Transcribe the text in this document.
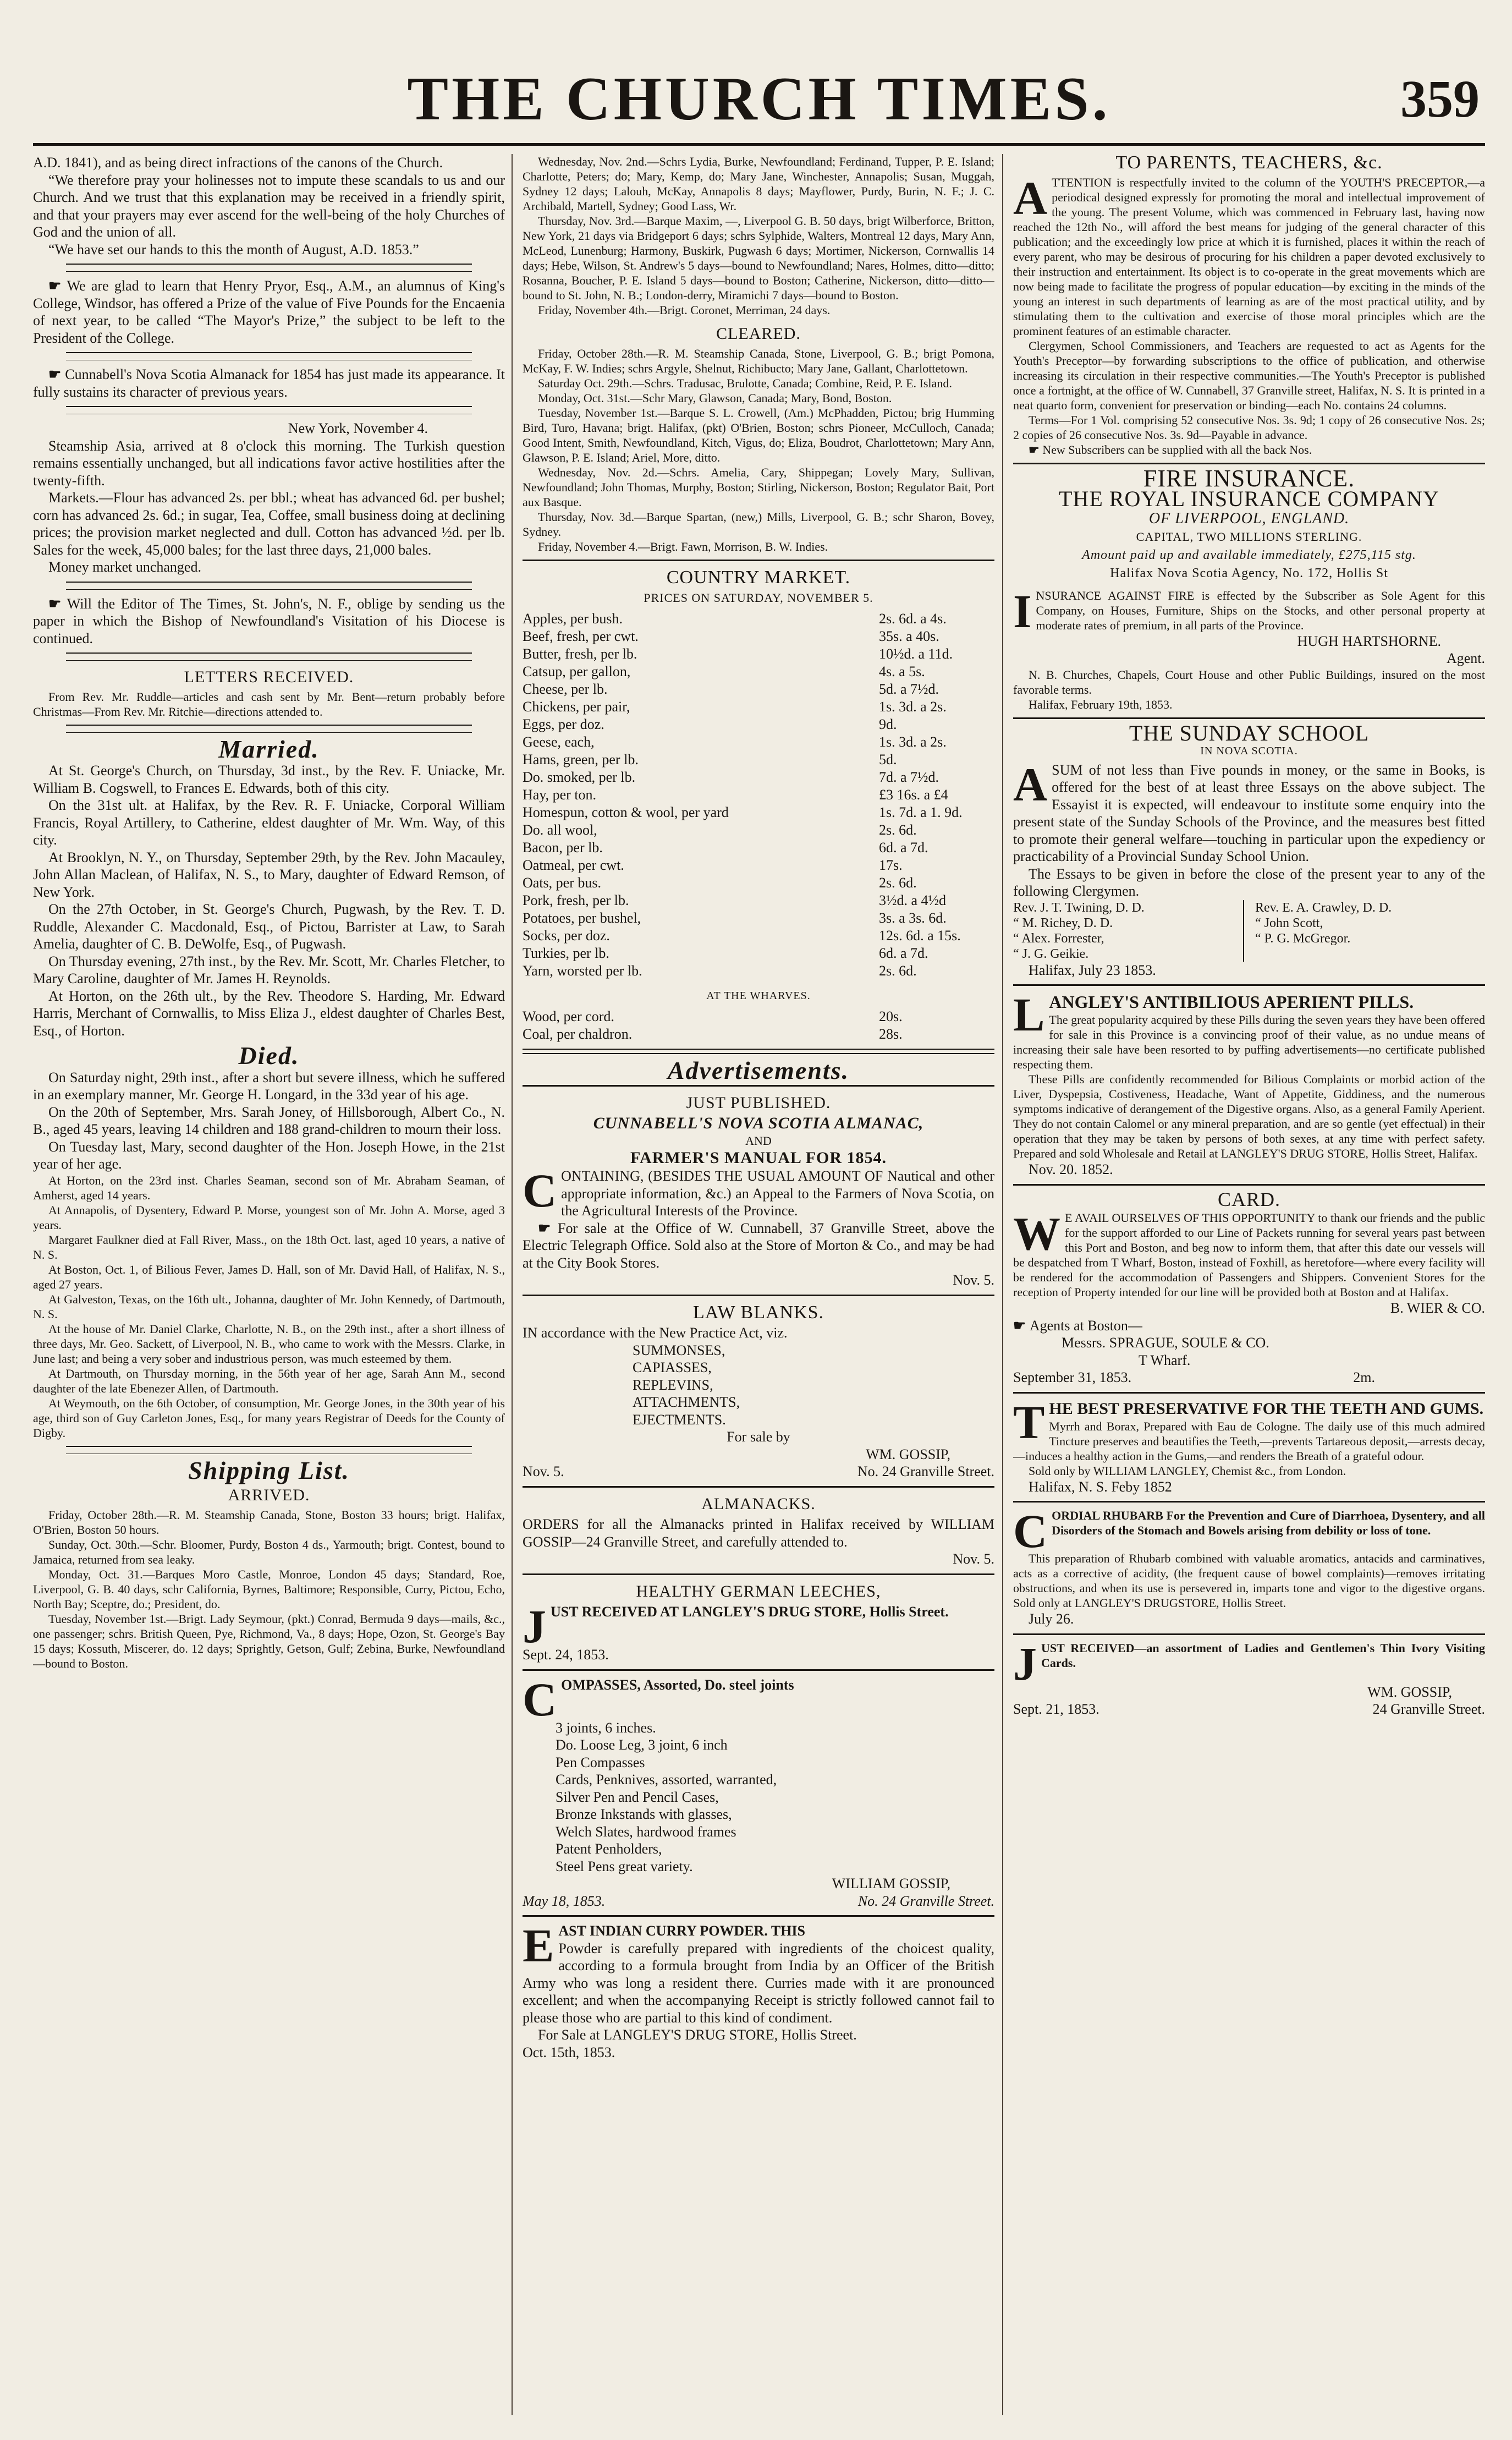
THE CHURCH TIMES.	359

A.D. 1841), and as being direct infractions of the canons of the Church.

“We therefore pray your holinesses not to impute these scandals to us and our Church. And we trust that this explanation may be received in a friendly spirit, and that your prayers may ever ascend for the well-being of the holy Churches of God and the union of all.

“We have set our hands to this the month of August, A.D. 1853.”

☛ We are glad to learn that Henry Pryor, Esq., A.M., an alumnus of King's College, Windsor, has offered a Prize of the value of Five Pounds for the Encaenia of next year, to be called “The Mayor's Prize,” the subject to be left to the President of the College.

☛ Cunnabell's Nova Scotia Almanack for 1854 has just made its appearance. It fully sustains its character of previous years.

New York, November 4.

Steamship Asia, arrived at 8 o'clock this morning. The Turkish question remains essentially unchanged, but all indications favor active hostilities after the twenty-fifth.

Markets.—Flour has advanced 2s. per bbl.; wheat has advanced 6d. per bushel; corn has advanced 2s. 6d.; in sugar, Tea, Coffee, small business doing at declining prices; the provision market neglected and dull. Cotton has advanced ½d. per lb. Sales for the week, 45,000 bales; for the last three days, 21,000 bales.

Money market unchanged.

☛ Will the Editor of The Times, St. John's, N. F., oblige by sending us the paper in which the Bishop of Newfoundland's Visitation of his Diocese is continued.

LETTERS RECEIVED.

From Rev. Mr. Ruddle—articles and cash sent by Mr. Bent—return probably before Christmas—From Rev. Mr. Ritchie—directions attended to.

Married.

At St. George's Church, on Thursday, 3d inst., by the Rev. F. Uniacke, Mr. William B. Cogswell, to Frances E. Edwards, both of this city.

On the 31st ult. at Halifax, by the Rev. R. F. Uniacke, Corporal William Francis, Royal Artillery, to Catherine, eldest daughter of Mr. Wm. Way, of this city.

At Brooklyn, N. Y., on Thursday, September 29th, by the Rev. John Macauley, John Allan Maclean, of Halifax, N. S., to Mary, daughter of Edward Remson, of New York.

On the 27th October, in St. George's Church, Pugwash, by the Rev. T. D. Ruddle, Alexander C. Macdonald, Esq., of Pictou, Barrister at Law, to Sarah Amelia, daughter of C. B. DeWolfe, Esq., of Pugwash.

On Thursday evening, 27th inst., by the Rev. Mr. Scott, Mr. Charles Fletcher, to Mary Caroline, daughter of Mr. James H. Reynolds.

At Horton, on the 26th ult., by the Rev. Theodore S. Harding, Mr. Edward Harris, Merchant of Cornwallis, to Miss Eliza J., eldest daughter of Charles Best, Esq., of Horton.

Died.

On Saturday night, 29th inst., after a short but severe illness, which he suffered in an exemplary manner, Mr. George H. Longard, in the 33d year of his age.

On the 20th of September, Mrs. Sarah Joney, of Hillsborough, Albert Co., N. B., aged 45 years, leaving 14 children and 188 grand-children to mourn their loss.

On Tuesday last, Mary, second daughter of the Hon. Joseph Howe, in the 21st year of her age.

At Horton, on the 23rd inst. Charles Seaman, second son of Mr. Abraham Seaman, of Amherst, aged 14 years.

At Annapolis, of Dysentery, Edward P. Morse, youngest son of Mr. John A. Morse, aged 3 years.

Margaret Faulkner died at Fall River, Mass., on the 18th Oct. last, aged 10 years, a native of N. S.

At Boston, Oct. 1, of Bilious Fever, James D. Hall, son of Mr. David Hall, of Halifax, N. S., aged 27 years.

At Galveston, Texas, on the 16th ult., Johanna, daughter of Mr. John Kennedy, of Dartmouth, N. S.

At the house of Mr. Daniel Clarke, Charlotte, N. B., on the 29th inst., after a short illness of three days, Mr. Geo. Sackett, of Liverpool, N. B., who came to work with the Messrs. Clarke, in June last; and being a very sober and industrious person, was much esteemed by them.

At Dartmouth, on Thursday morning, in the 56th year of her age, Sarah Ann M., second daughter of the late Ebenezer Allen, of Dartmouth.

At Weymouth, on the 6th October, of consumption, Mr. George Jones, in the 30th year of his age, third son of Guy Carleton Jones, Esq., for many years Registrar of Deeds for the County of Digby.

Shipping List.
ARRIVED.

Friday, October 28th.—R. M. Steamship Canada, Stone, Boston 33 hours; brigt. Halifax, O'Brien, Boston 50 hours.

Sunday, Oct. 30th.—Schr. Bloomer, Purdy, Boston 4 ds., Yarmouth; brigt. Contest, bound to Jamaica, returned from sea leaky.

Monday, Oct. 31.—Barques Moro Castle, Monroe, London 45 days; Standard, Roe, Liverpool, G. B. 40 days, schr California, Byrnes, Baltimore; Responsible, Curry, Pictou, Echo, North Bay; Sceptre, do.; President, do.

Tuesday, November 1st.—Brigt. Lady Seymour, (pkt.) Conrad, Bermuda 9 days—mails, &c., one passenger; schrs. British Queen, Pye, Richmond, Va., 8 days; Hope, Ozon, St. George's Bay 15 days; Kossuth, Miscerer, do. 12 days; Sprightly, Getson, Gulf; Zebina, Burke, Newfoundland—bound to Boston.

Wednesday, Nov. 2nd.—Schrs Lydia, Burke, Newfoundland; Ferdinand, Tupper, P. E. Island; Charlotte, Peters; do; Mary, Kemp, do; Mary Jane, Winchester, Annapolis; Susan, Muggah, Sydney 12 days; Lalouh, McKay, Annapolis 8 days; Mayflower, Purdy, Burin, N. F.; J. C. Archibald, Martell, Sydney; Good Lass, Wr.

Thursday, Nov. 3rd.—Barque Maxim, —, Liverpool G. B. 50 days, brigt Wilberforce, Britton, New York, 21 days via Bridgeport 6 days; schrs Sylphide, Walters, Montreal 12 days, Mary Ann, McLeod, Lunenburg; Harmony, Buskirk, Pugwash 6 days; Mortimer, Nickerson, Cornwallis 14 days; Hebe, Wilson, St. Andrew's 5 days—bound to Newfoundland; Nares, Holmes, ditto—ditto; Rosanna, Boucher, P. E. Island 5 days—bound to Boston; Catherine, Nickerson, ditto—ditto—bound to St. John, N. B.; London-derry, Miramichi 7 days—bound to Boston.

Friday, November 4th.—Brigt. Coronet, Merriman, 24 days.

CLEARED.

Friday, October 28th.—R. M. Steamship Canada, Stone, Liverpool, G. B.; brigt Pomona, McKay, F. W. Indies; schrs Argyle, Shelnut, Richibucto; Mary Jane, Gallant, Charlottetown.

Saturday Oct. 29th.—Schrs. Tradusac, Brulotte, Canada; Combine, Reid, P. E. Island.

Monday, Oct. 31st.—Schr Mary, Glawson, Canada; Mary, Bond, Boston.

Tuesday, November 1st.—Barque S. L. Crowell, (Am.) McPhadden, Pictou; brig Humming Bird, Turo, Havana; brigt. Halifax, (pkt) O'Brien, Boston; schrs Pioneer, McCulloch, Canada; Good Intent, Smith, Newfoundland, Kitch, Vigus, do; Eliza, Boudrot, Charlottetown; Mary Ann, Glawson, P. E. Island; Ariel, More, ditto.

Wednesday, Nov. 2d.—Schrs. Amelia, Cary, Shippegan; Lovely Mary, Sullivan, Newfoundland; John Thomas, Murphy, Boston; Stirling, Nickerson, Boston; Regulator Bait, Port aux Basque.

Thursday, Nov. 3d.—Barque Spartan, (new,) Mills, Liverpool, G. B.; schr Sharon, Bovey, Sydney.

Friday, November 4.—Brigt. Fawn, Morrison, B. W. Indies.

COUNTRY MARKET.
PRICES ON SATURDAY, NOVEMBER 5.
Apples, per bush.	2s. 6d. a 4s.
Beef, fresh, per cwt.	35s. a 40s.
Butter, fresh, per lb.	10½d. a 11d.
Catsup, per gallon,	4s. a 5s.
Cheese, per lb.	5d. a 7½d.
Chickens, per pair,	1s. 3d. a 2s.
Eggs, per doz.	9d.
Geese, each,	1s. 3d. a 2s.
Hams, green, per lb.	5d.
Do. smoked, per lb.	7d. a 7½d.
Hay, per ton.	£3 16s. a £4
Homespun, cotton & wool, per yard	1s. 7d. a 1. 9d.
Do. all wool,	2s. 6d.
Bacon, per lb.	6d. a 7d.
Oatmeal, per cwt.	17s.
Oats, per bus.	2s. 6d.
Pork, fresh, per lb.	3½d. a 4½d
Potatoes, per bushel,	3s. a 3s. 6d.
Socks, per doz.	12s. 6d. a 15s.
Turkies, per lb.	6d. a 7d.
Yarn, worsted per lb.	2s. 6d.
AT THE WHARVES.
Wood, per cord.	20s.
Coal, per chaldron.	28s.
Advertisements.
JUST PUBLISHED.
CUNNABELL'S NOVA SCOTIA ALMANAC,
AND
FARMER'S MANUAL FOR 1854.

CONTAINING, (BESIDES THE USUAL AMOUNT OF Nautical and other appropriate information, &c.) an Appeal to the Farmers of Nova Scotia, on the Agricultural Interests of the Province.

☛ For sale at the Office of W. Cunnabell, 37 Granville Street, above the Electric Telegraph Office. Sold also at the Store of Morton & Co., and may be had at the City Book Stores.

Nov. 5.

LAW BLANKS.

IN accordance with the New Practice Act, viz.

SUMMONSES,
CAPIASSES,
REPLEVINS,
ATTACHMENTS,
EJECTMENTS.

For sale by

WM. GOSSIP,

Nov. 5.	No. 24 Granville Street.
ALMANACKS.

ORDERS for all the Almanacks printed in Halifax received by WILLIAM GOSSIP—24 Granville Street, and carefully attended to.

Nov. 5.

HEALTHY GERMAN LEECHES,

JUST RECEIVED AT LANGLEY'S DRUG STORE, Hollis Street.

Sept. 24, 1853.

COMPASSES, Assorted, Do. steel joints

3 joints, 6 inches.
Do. Loose Leg, 3 joint, 6 inch
Pen Compasses
Cards, Penknives, assorted, warranted,
Silver Pen and Pencil Cases,
Bronze Inkstands with glasses,
Welch Slates, hardwood frames
Patent Penholders,
Steel Pens great variety.

WILLIAM GOSSIP,

May 18, 1853.	No. 24 Granville Street.

EAST INDIAN CURRY POWDER. THIS

Powder is carefully prepared with ingredients of the choicest quality, according to a formula brought from India by an Officer of the British Army who was long a resident there. Curries made with it are pronounced excellent; and when the accompanying Receipt is strictly followed cannot fail to please those who are partial to this kind of condiment.

For Sale at LANGLEY'S DRUG STORE, Hollis Street.

Oct. 15th, 1853.

TO PARENTS, TEACHERS, &c.

ATTENTION is respectfully invited to the column of the YOUTH'S PRECEPTOR,—a periodical designed expressly for promoting the moral and intellectual improvement of the young. The present Volume, which was commenced in February last, having now reached the 12th No., will afford the best means for judging of the general character of this publication; and the exceedingly low price at which it is furnished, places it within the reach of every parent, who may be desirous of procuring for his children a paper devoted exclusively to their instruction and entertainment. Its object is to co-operate in the great movements which are now being made to facilitate the progress of popular education—by exciting in the minds of the young an interest in such departments of learning as are of the most practical utility, and by stimulating them to the cultivation and exercise of those moral principles which are the prominent features of an estimable character.

Clergymen, School Commissioners, and Teachers are requested to act as Agents for the Youth's Preceptor—by forwarding subscriptions to the office of publication, and otherwise increasing its circulation in their respective communities.—The Youth's Preceptor is published once a fortnight, at the office of W. Cunnabell, 37 Granville street, Halifax, N. S. It is printed in a neat quarto form, convenient for preservation or binding—each No. contains 24 columns.

Terms—For 1 Vol. comprising 52 consecutive Nos. 3s. 9d; 1 copy of 26 consecutive Nos. 2s; 2 copies of 26 consecutive Nos. 3s. 9d—Payable in advance.

☛ New Subscribers can be supplied with all the back Nos.

FIRE INSURANCE.
THE ROYAL INSURANCE COMPANY
OF LIVERPOOL, ENGLAND.
CAPITAL, TWO MILLIONS STERLING.
Amount paid up and available immediately, £275,115 stg.
Halifax Nova Scotia Agency, No. 172, Hollis St

INSURANCE AGAINST FIRE is effected by the Subscriber as Sole Agent for this Company, on Houses, Furniture, Ships on the Stocks, and other personal property at moderate rates of premium, in all parts of the Province.

HUGH HARTSHORNE.

Agent.

N. B. Churches, Chapels, Court House and other Public Buildings, insured on the most favorable terms.

Halifax, February 19th, 1853.

THE SUNDAY SCHOOL
IN NOVA SCOTIA.

ASUM of not less than Five pounds in money, or the same in Books, is offered for the best of at least three Essays on the above subject. The Essayist it is expected, will endeavour to institute some enquiry into the present state of the Sunday Schools of the Province, and the measures best fitted to promote their general welfare—touching in particular upon the expediency or practicability of a Provincial Sunday School Union.

The Essays to be given in before the close of the present year to any of the following Clergymen.

Rev. J. T. Twining, D. D.
“ M. Richey, D. D.
“ Alex. Forrester,
“ J. G. Geikie.
Rev. E. A. Crawley, D. D.
“ John Scott,
“ P. G. McGregor.

Halifax, July 23 1853.

LANGLEY'S ANTIBILIOUS APERIENT PILLS.

The great popularity acquired by these Pills during the seven years they have been offered for sale in this Province is a convincing proof of their value, as no undue means of increasing their sale have been resorted to by puffing advertisements—no certificate published respecting them.

These Pills are confidently recommended for Bilious Complaints or morbid action of the Liver, Dyspepsia, Costiveness, Headache, Want of Appetite, Giddiness, and the numerous symptoms indicative of derangement of the Digestive organs. Also, as a general Family Aperient. They do not contain Calomel or any mineral preparation, and are so gentle (yet effectual) in their operation that they may be taken by persons of both sexes, at any time with perfect safety. Prepared and sold Wholesale and Retail at LANGLEY'S DRUG STORE, Hollis Street, Halifax.

Nov. 20. 1852.

CARD.

W E AVAIL OURSELVES OF THIS OPPORTUNITY to thank our friends and the public for the support afforded to our Line of Packets running for several years past between this Port and Boston, and beg now to inform them, that after this date our vessels will be despatched from T Wharf, Boston, instead of Foxhill, as heretofore—where every facility will be rendered for the accommodation of Passengers and Shippers. Convenient Stores for the reception of Property intended for our line will be provided both at Boston and at Halifax.

B. WIER & CO.

☛ Agents at Boston—

Messrs. SPRAGUE, SOULE & CO.

T Wharf.

September 31, 1853.	2m.

THE BEST PRESERVATIVE FOR THE TEETH AND GUMS.

Myrrh and Borax, Prepared with Eau de Cologne. The daily use of this much admired Tincture preserves and beautifies the Teeth,—prevents Tartareous deposit,—arrests decay,—induces a healthy action in the Gums,—and renders the Breath of a grateful odour.

Sold only by WILLIAM LANGLEY, Chemist &c., from London.

Halifax, N. S. Feby 1852

CORDIAL RHUBARB For the Prevention and Cure of Diarrhoea, Dysentery, and all Disorders of the Stomach and Bowels arising from debility or loss of tone.

This preparation of Rhubarb combined with valuable aromatics, antacids and carminatives, acts as a corrective of acidity, (the frequent cause of bowel complaints)—removes irritating obstructions, and when its use is persevered in, imparts tone and vigor to the digestive organs. Sold only at LANGLEY'S DRUGSTORE, Hollis Street.

July 26.

JUST RECEIVED—an assortment of Ladies and Gentlemen's Thin Ivory Visiting Cards.

WM. GOSSIP,

Sept. 21, 1853.	24 Granville Street.
